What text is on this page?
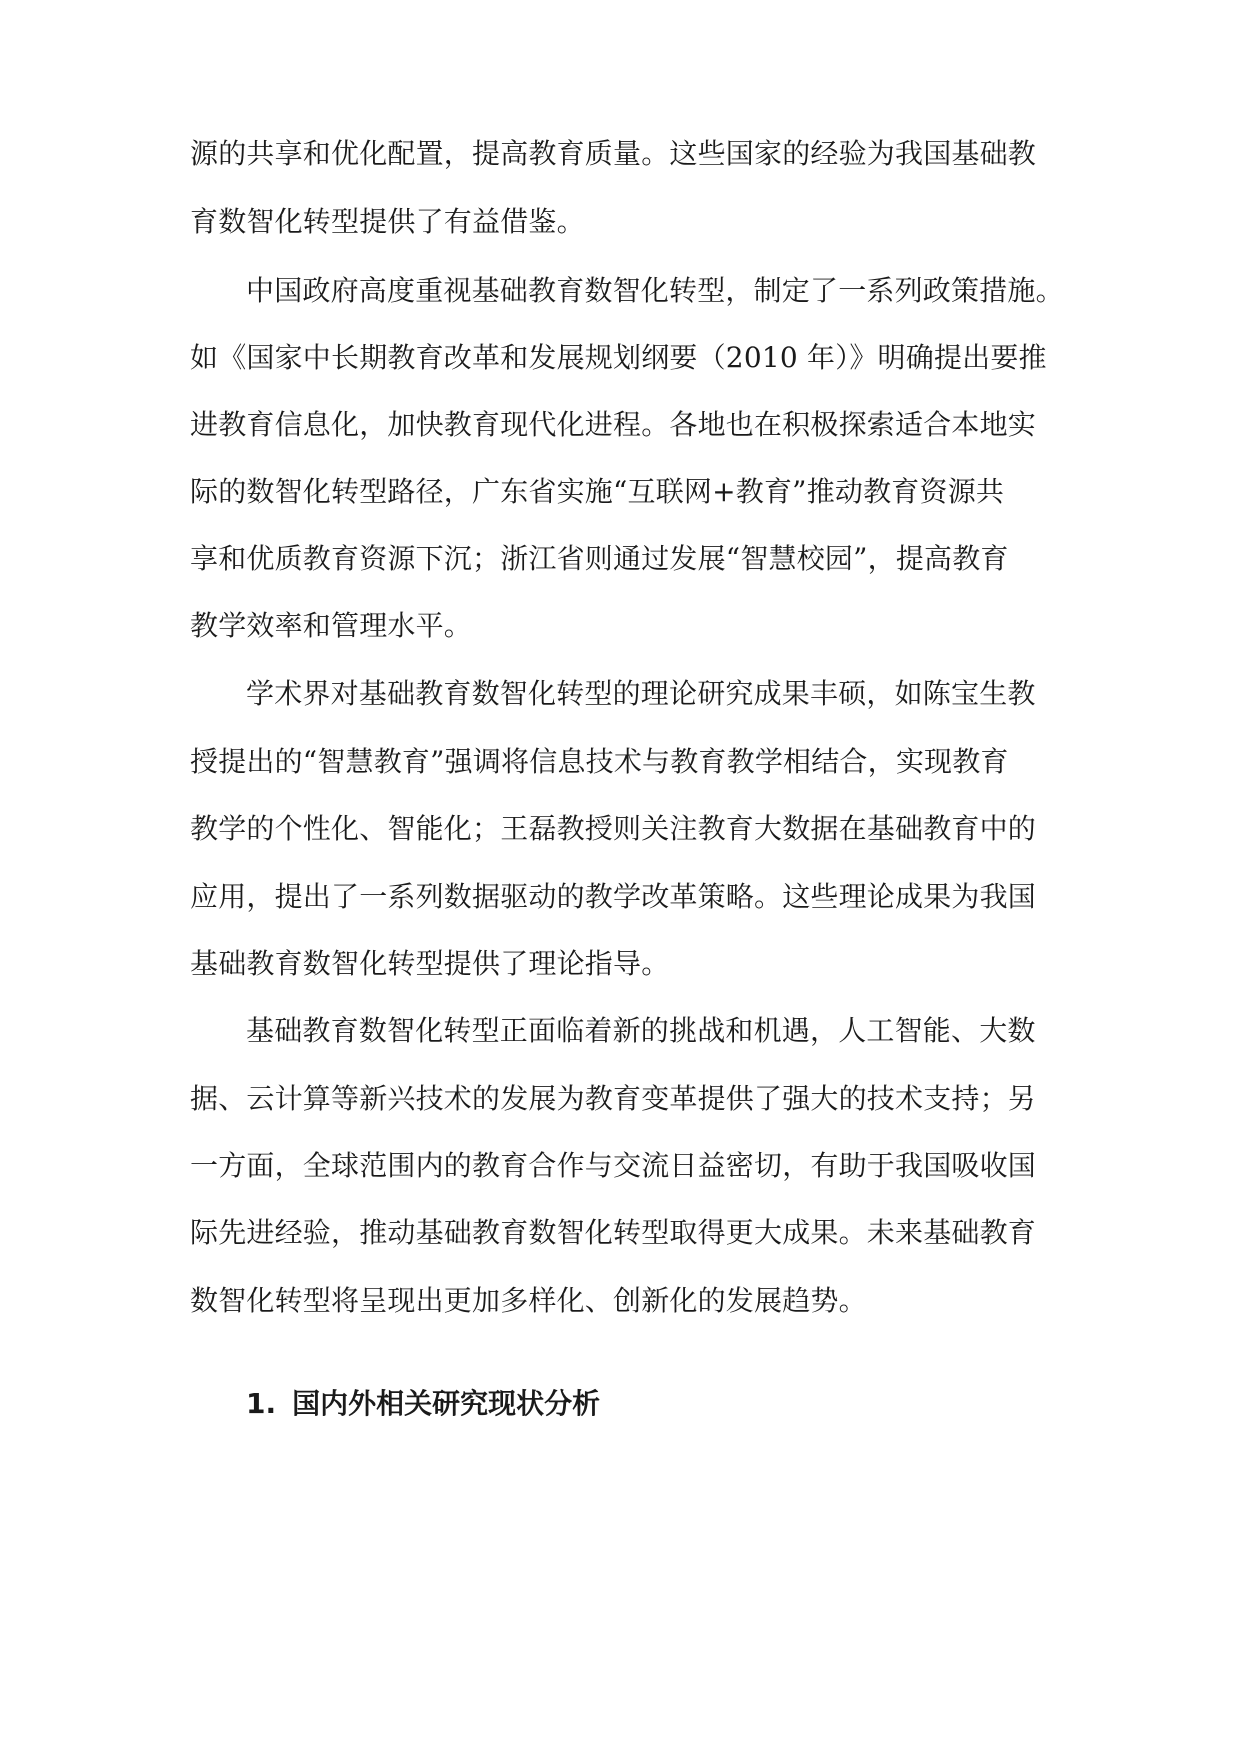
源的共享和优化配置，提高教育质量。这些国家的经验为我国基础教
育数智化转型提供了有益借鉴。
中国政府高度重视基础教育数智化转型，制定了一系列政策措施。
如《国家中长期教育改革和发展规划纲要（2010 年）》明确提出要推
进教育信息化，加快教育现代化进程。各地也在积极探索适合本地实
际的数智化转型路径，广东省实施“互联网+教育”推动教育资源共
享和优质教育资源下沉；浙江省则通过发展“智慧校园”，提高教育
教学效率和管理水平。
学术界对基础教育数智化转型的理论研究成果丰硕，如陈宝生教
授提出的“智慧教育”强调将信息技术与教育教学相结合，实现教育
教学的个性化、智能化；王磊教授则关注教育大数据在基础教育中的
应用，提出了一系列数据驱动的教学改革策略。这些理论成果为我国
基础教育数智化转型提供了理论指导。
基础教育数智化转型正面临着新的挑战和机遇，人工智能、大数
据、云计算等新兴技术的发展为教育变革提供了强大的技术支持；另
一方面，全球范围内的教育合作与交流日益密切，有助于我国吸收国
际先进经验，推动基础教育数智化转型取得更大成果。未来基础教育
数智化转型将呈现出更加多样化、创新化的发展趋势。
1. 国内外相关研究现状分析
